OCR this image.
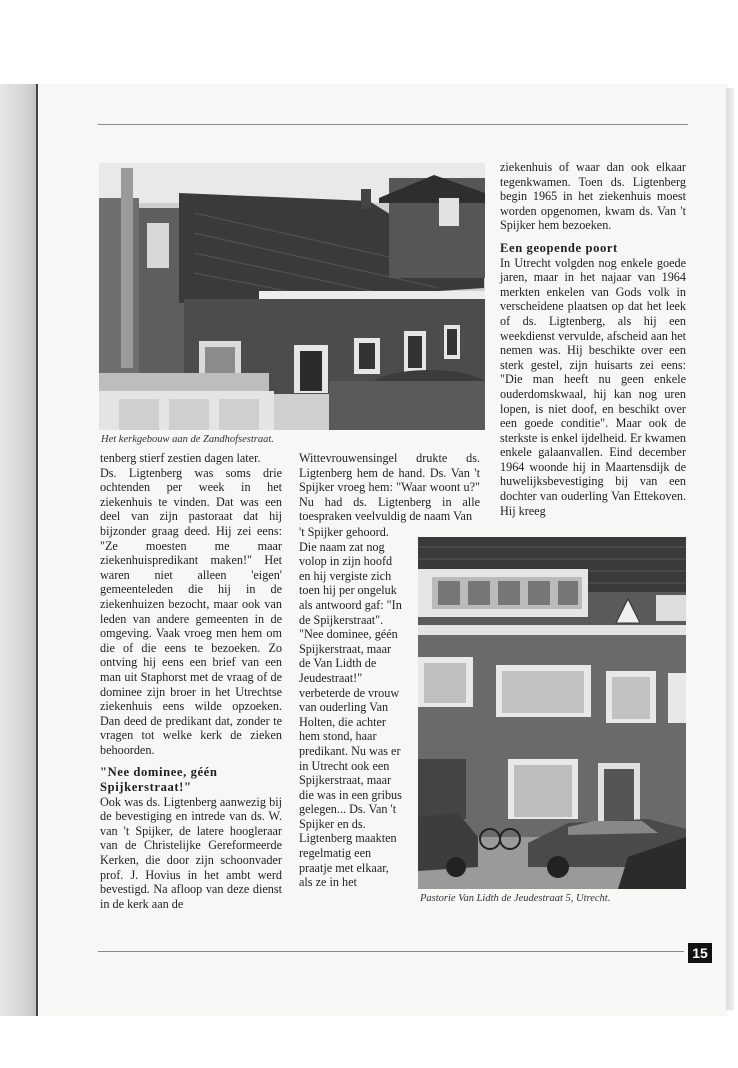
Het kerkgebouw aan de Zandhofsestraat.

tenberg stierf zestien dagen later.

Ds. Ligtenberg was soms drie ochtenden per week in het ziekenhuis te vinden. Dat was een deel van zijn pastoraat dat hij bijzonder graag deed. Hij zei eens: "Ze moesten me maar ziekenhuispredikant maken!" Het waren niet alleen 'eigen' gemeenteleden die hij in de ziekenhuizen bezocht, maar ook van leden van andere gemeenten in de omgeving. Vaak vroeg men hem om die of die eens te bezoeken. Zo ontving hij eens een brief van een man uit Staphorst met de vraag of de dominee zijn broer in het Utrechtse ziekenhuis eens wilde opzoeken. Dan deed de predikant dat, zonder te vragen tot welke kerk de zieken behoorden.

"Nee dominee, géén Spijkerstraat!"

Ook was ds. Ligtenberg aanwezig bij de bevestiging en intrede van ds. W. van 't Spijker, de latere hoogleraar van de Christelijke Gereformeerde Kerken, die door zijn schoonvader prof. J. Hovius in het ambt werd bevestigd. Na afloop van deze dienst in de kerk aan de

Wittevrouwensingel drukte ds. Ligtenberg hem de hand. Ds. Van 't Spijker vroeg hem: "Waar woont u?" Nu had ds. Ligtenberg in alle toespraken veelvuldig de naam Van

't Spijker gehoord. Die naam zat nog volop in zijn hoofd en hij vergiste zich toen hij per ongeluk als antwoord gaf: "In de Spijkerstraat". "Nee dominee, géén Spijkerstraat, maar de Van Lidth de Jeudestraat!" verbeterde de vrouw van ouderling Van Holten, die achter hem stond, haar predikant. Nu was er in Utrecht ook een Spijkerstraat, maar die was in een gribus gelegen... Ds. Van 't Spijker en ds. Ligtenberg maakten regelmatig een praatje met elkaar, als ze in het

ziekenhuis of waar dan ook elkaar tegenkwamen. Toen ds. Ligtenberg begin 1965 in het ziekenhuis moest worden opgenomen, kwam ds. Van 't Spijker hem bezoeken.

Een geopende poort

In Utrecht volgden nog enkele goede jaren, maar in het najaar van 1964 merkten enkelen van Gods volk in verscheidene plaatsen op dat het leek of ds. Ligtenberg, als hij een weekdienst vervulde, afscheid aan het nemen was. Hij beschikte over een sterk gestel, zijn huisarts zei eens: "Die man heeft nu geen enkele ouderdomskwaal, hij kan nog uren lopen, is niet doof, en beschikt over een goede conditie". Maar ook de sterkste is enkel ijdelheid. Er kwamen enkele galaanvallen. Eind december 1964 woonde hij in Maartensdijk de huwelijksbevestiging bij van een dochter van ouderling Van Ettekoven. Hij kreeg

Pastorie Van Lidth de Jeudestraat 5, Utrecht.
15
